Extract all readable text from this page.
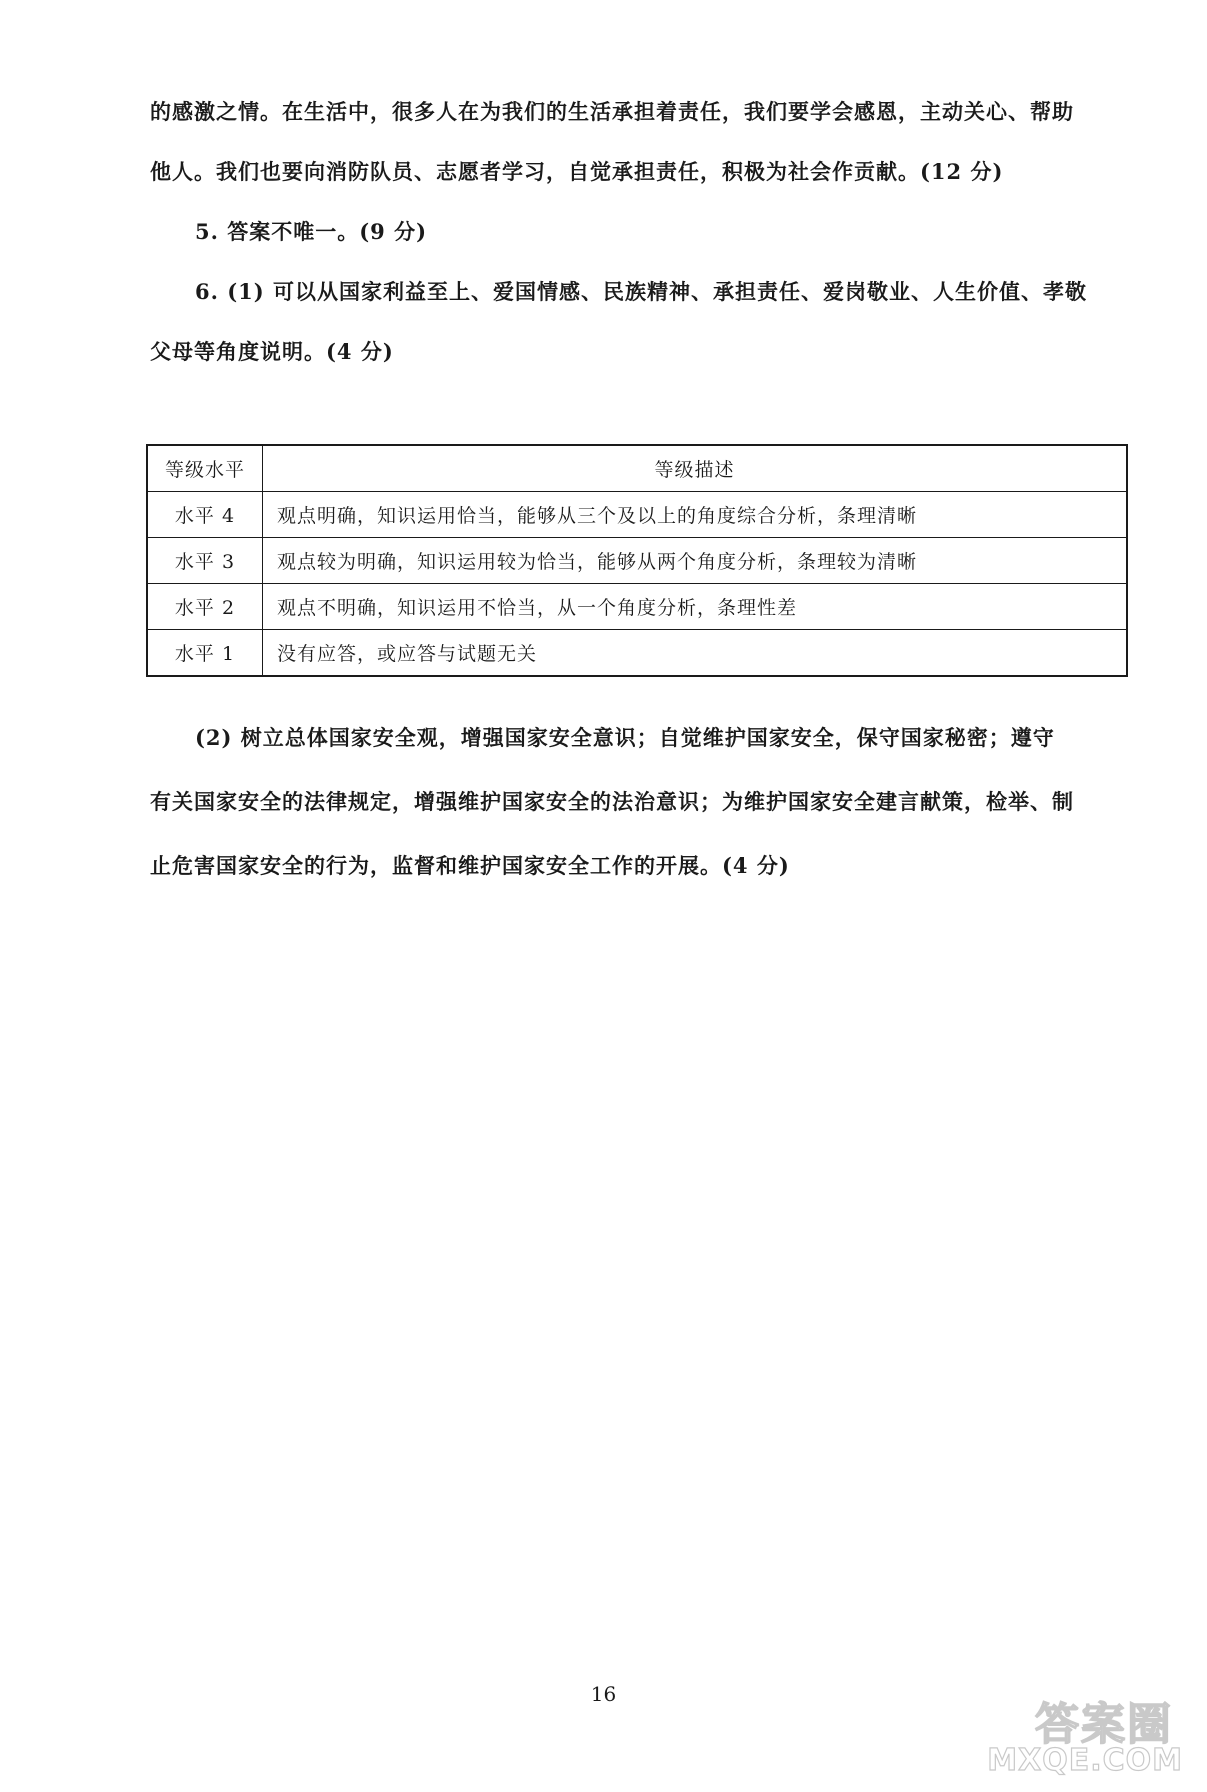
的感激之情。在生活中，很多人在为我们的生活承担着责任，我们要学会感恩，主动关心、帮助
他人。我们也要向消防队员、志愿者学习，自觉承担责任，积极为社会作贡献。(12 分)
5. 答案不唯一。(9 分)
6. (1) 可以从国家利益至上、爱国情感、民族精神、承担责任、爱岗敬业、人生价值、孝敬
父母等角度说明。(4 分)
等级水平	等级描述
水平 4	观点明确，知识运用恰当，能够从三个及以上的角度综合分析，条理清晰
水平 3	观点较为明确，知识运用较为恰当，能够从两个角度分析，条理较为清晰
水平 2	观点不明确，知识运用不恰当，从一个角度分析，条理性差
水平 1	没有应答，或应答与试题无关
(2) 树立总体国家安全观，增强国家安全意识；自觉维护国家安全，保守国家秘密；遵守
有关国家安全的法律规定，增强维护国家安全的法治意识；为维护国家安全建言献策，检举、制
止危害国家安全的行为，监督和维护国家安全工作的开展。(4 分)
16
答案圈
MXQE.COM
